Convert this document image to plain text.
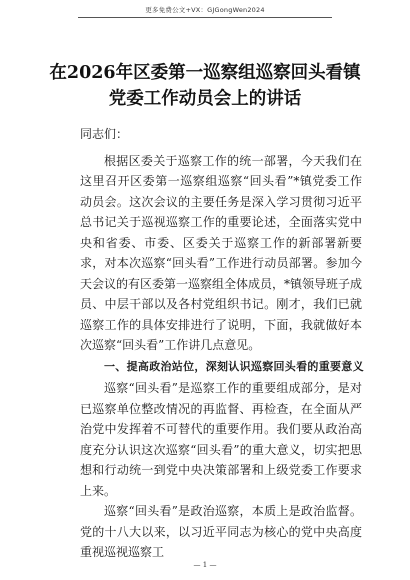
更多免费公文+VX：GJGongWen2024
在2026年区委第一巡察组巡察回头看镇
党委工作动员会上的讲话

同志们：

根据区委关于巡察工作的统一部署，今天我们在这里召开区委第一巡察组巡察“回头看”*镇党委工作动员会。这次会议的主要任务是深入学习贯彻习近平总书记关于巡视巡察工作的重要论述，全面落实党中央和省委、市委、区委关于巡察工作的新部署新要求，对本次巡察“回头看”工作进行动员部署。参加今天会议的有区委第一巡察组全体成员，*镇领导班子成员、中层干部以及各村党组织书记。刚才，我们已就巡察工作的具体安排进行了说明，下面，我就做好本次巡察“回头看”工作讲几点意见。

一、提高政治站位，深刻认识巡察回头看的重要意义

巡察“回头看”是巡察工作的重要组成部分，是对已巡察单位整改情况的再监督、再检查，在全面从严治党中发挥着不可替代的重要作用。我们要从政治高度充分认识这次巡察“回头看”的重大意义，切实把思想和行动统一到党中央决策部署和上级党委工作要求上来。

巡察“回头看”是政治巡察，本质上是政治监督。党的十八大以来，以习近平同志为核心的党中央高度重视巡视巡察工

— 1 —
